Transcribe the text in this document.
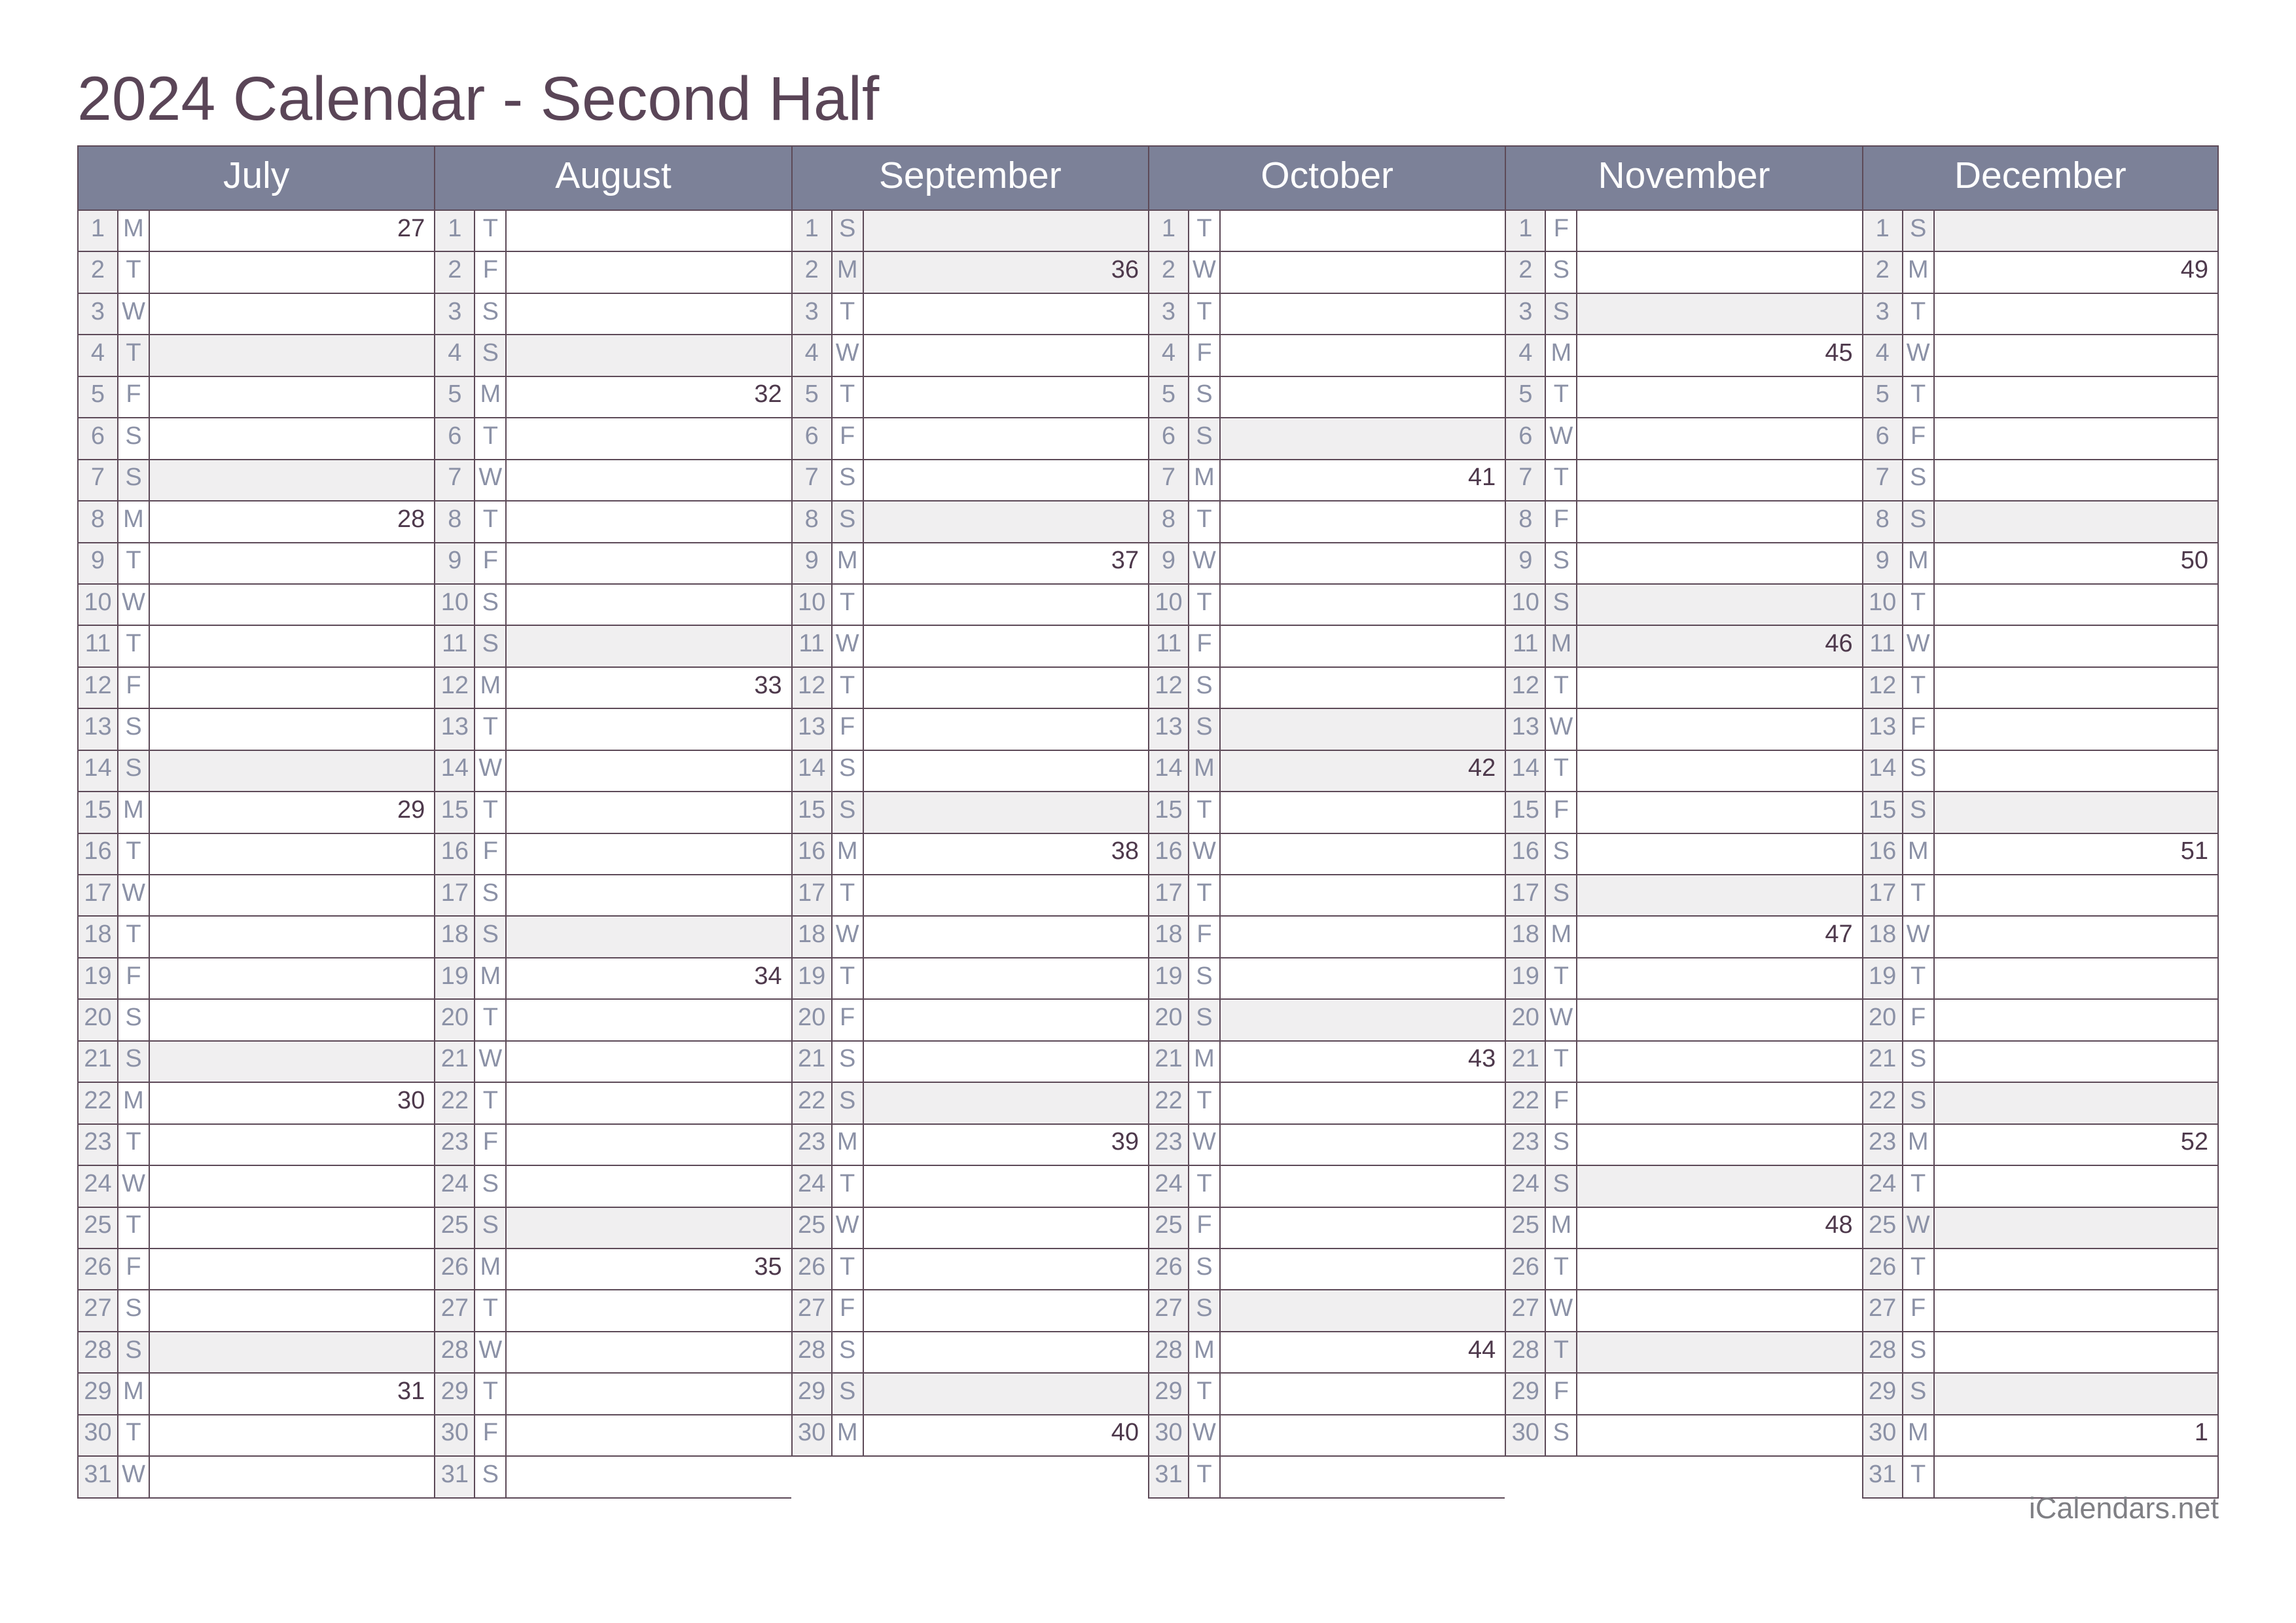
2024 Calendar - Second Half
July
1 M	27
2 T
3 W
4 T
5 F
6 S
7 S
8 M	28
9 T
10 W
11 T
12 F
13 S
14 S
15 M	29
16 T
17 W
18 T
19 F
20 S
21 S
22 M	30
23 T
24 W
25 T
26 F
27 S
28 S
29 M	31
30 T
31 W
August
1 T
2 F
3 S
4 S
5 M	32
6 T
7 W
8 T
9 F
10 S
11 S
12 M	33
13 T
14 W
15 T
16 F
17 S
18 S
19 M	34
20 T
21 W
22 T
23 F
24 S
25 S
26 M	35
27 T
28 W
29 T
30 F
31 S
September
1 S
2 M	36
3 T
4 W
5 T
6 F
7 S
8 S
9 M	37
10 T
11 W
12 T
13 F
14 S
15 S
16 M	38
17 T
18 W
19 T
20 F
21 S
22 S
23 M	39
24 T
25 W
26 T
27 F
28 S
29 S
30 M	40
October
1 T
2 W
3 T
4 F
5 S
6 S
7 M	41
8 T
9 W
10 T
11 F
12 S
13 S
14 M	42
15 T
16 W
17 T
18 F
19 S
20 S
21 M	43
22 T
23 W
24 T
25 F
26 S
27 S
28 M	44
29 T
30 W
31 T
November
1 F
2 S
3 S
4 M	45
5 T
6 W
7 T
8 F
9 S
10 S
11 M	46
12 T
13 W
14 T
15 F
16 S
17 S
18 M	47
19 T
20 W
21 T
22 F
23 S
24 S
25 M	48
26 T
27 W
28 T
29 F
30 S
December
1 S
2 M	49
3 T
4 W
5 T
6 F
7 S
8 S
9 M	50
10 T
11 W
12 T
13 F
14 S
15 S
16 M	51
17 T
18 W
19 T
20 F
21 S
22 S
23 M	52
24 T
25 W
26 T
27 F
28 S
29 S
30 M	1
31 T
iCalendars.net
